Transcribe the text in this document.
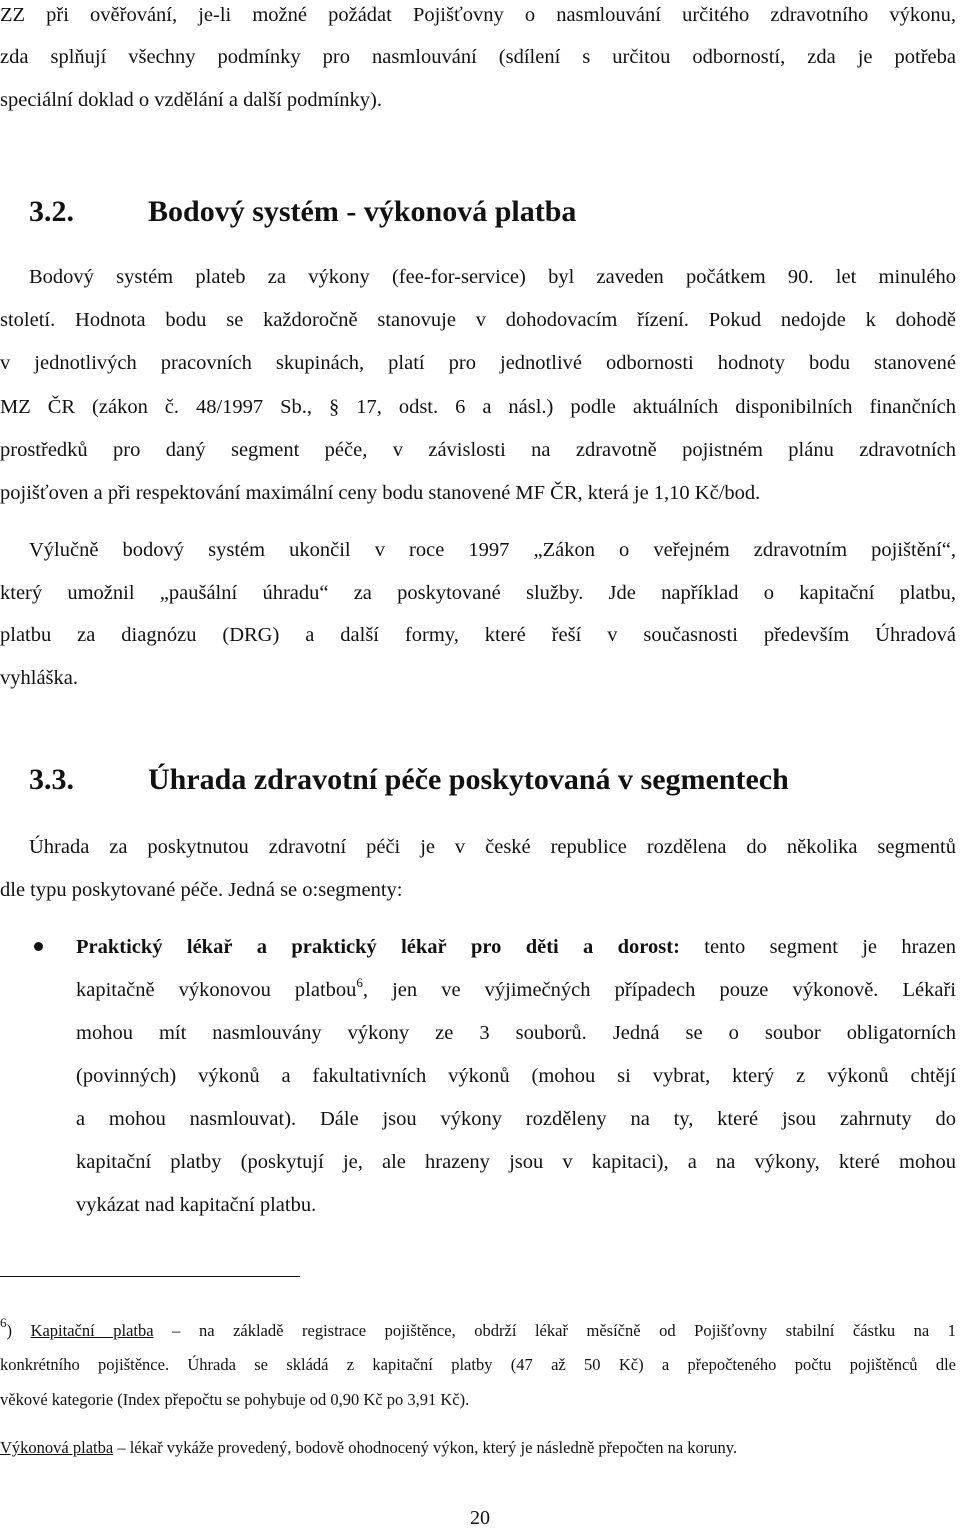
ZZ při ověřování, je-li možné požádat Pojišťovny o nasmlouvání určitého zdravotního výkonu,
zda splňují všechny podmínky pro nasmlouvání (sdílení s určitou odborností, zda je potřeba
speciální doklad o vzdělání a další podmínky).
3.2. Bodový systém - výkonová platba
Bodový systém plateb za výkony (fee-for-service) byl zaveden počátkem 90. let minulého
století. Hodnota bodu se každoročně stanovuje v dohodovacím řízení. Pokud nedojde k dohodě
v jednotlivých pracovních skupinách, platí pro jednotlivé odbornosti hodnoty bodu stanovené
MZ ČR (zákon č. 48/1997 Sb., § 17, odst. 6 a násl.) podle aktuálních disponibilních finančních
prostředků pro daný segment péče, v závislosti na zdravotně pojistném plánu zdravotních
pojišťoven a při respektování maximální ceny bodu stanovené MF ČR, která je 1,10 Kč/bod.
Výlučně bodový systém ukončil v roce 1997 „Zákon o veřejném zdravotním pojištění“,
který umožnil „paušální úhradu“ za poskytované služby. Jde například o kapitační platbu,
platbu za diagnózu (DRG) a další formy, které řeší v současnosti především Úhradová
vyhláška.
3.3. Úhrada zdravotní péče poskytovaná v segmentech
Úhrada za poskytnutou zdravotní péči je v české republice rozdělena do několika segmentů
dle typu poskytované péče. Jedná se o:segmenty:
Praktický lékař a praktický lékař pro děti a dorost: tento segment je hrazen
kapitačně výkonovou platbou$^6$, jen ve výjimečných případech pouze výkonově. Lékaři
mohou mít nasmlouvány výkony ze 3 souborů. Jedná se o soubor obligatorních
(povinných) výkonů a fakultativních výkonů (mohou si vybrat, který z výkonů chtějí
a mohou nasmlouvat). Dále jsou výkony rozděleny na ty, které jsou zahrnuty do
kapitační platby (poskytují je, ale hrazeny jsou v kapitaci), a na výkony, které mohou
vykázat nad kapitační platbu.
$^6$) Kapitační platba – na základě registrace pojištěnce, obdrží lékař měsíčně od Pojišťovny stabilní částku na 1
konkrétního pojištěnce. Úhrada se skládá z kapitační platby (47 až 50 Kč) a přepočteného počtu pojištěnců dle
věkové kategorie (Index přepočtu se pohybuje od 0,90 Kč po 3,91 Kč).
Výkonová platba – lékař vykáže provedený, bodově ohodnocený výkon, který je následně přepočten na koruny.
20
